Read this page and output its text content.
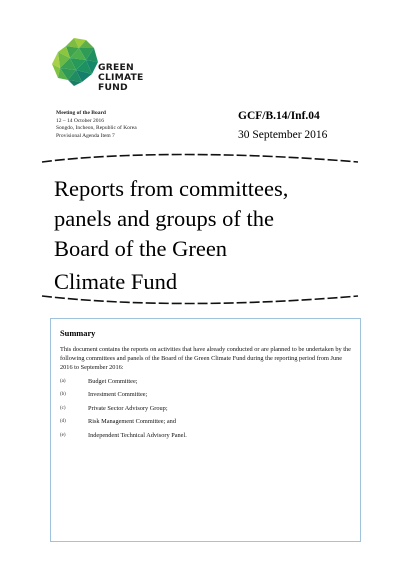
GREEN
CLIMATE
FUND
Meeting of the Board
12 – 14 October 2016
Songdo, Incheon, Republic of Korea
Provisional Agenda Item 7
GCF/B.14/Inf.04
30 September 2016
Reports from committees,
panels and groups of the
Board of the Green
Climate Fund
Summary
This document contains the reports on activities that have already conducted or are planned to be undertaken by the following committees and panels of the Board of the Green Climate Fund during the reporting period from June 2016 to September 2016:
(a)	Budget Committee;
(b)	Investment Committee;
(c)	Private Sector Advisory Group;
(d)	Risk Management Committee; and
(e)	Independent Technical Advisory Panel.
